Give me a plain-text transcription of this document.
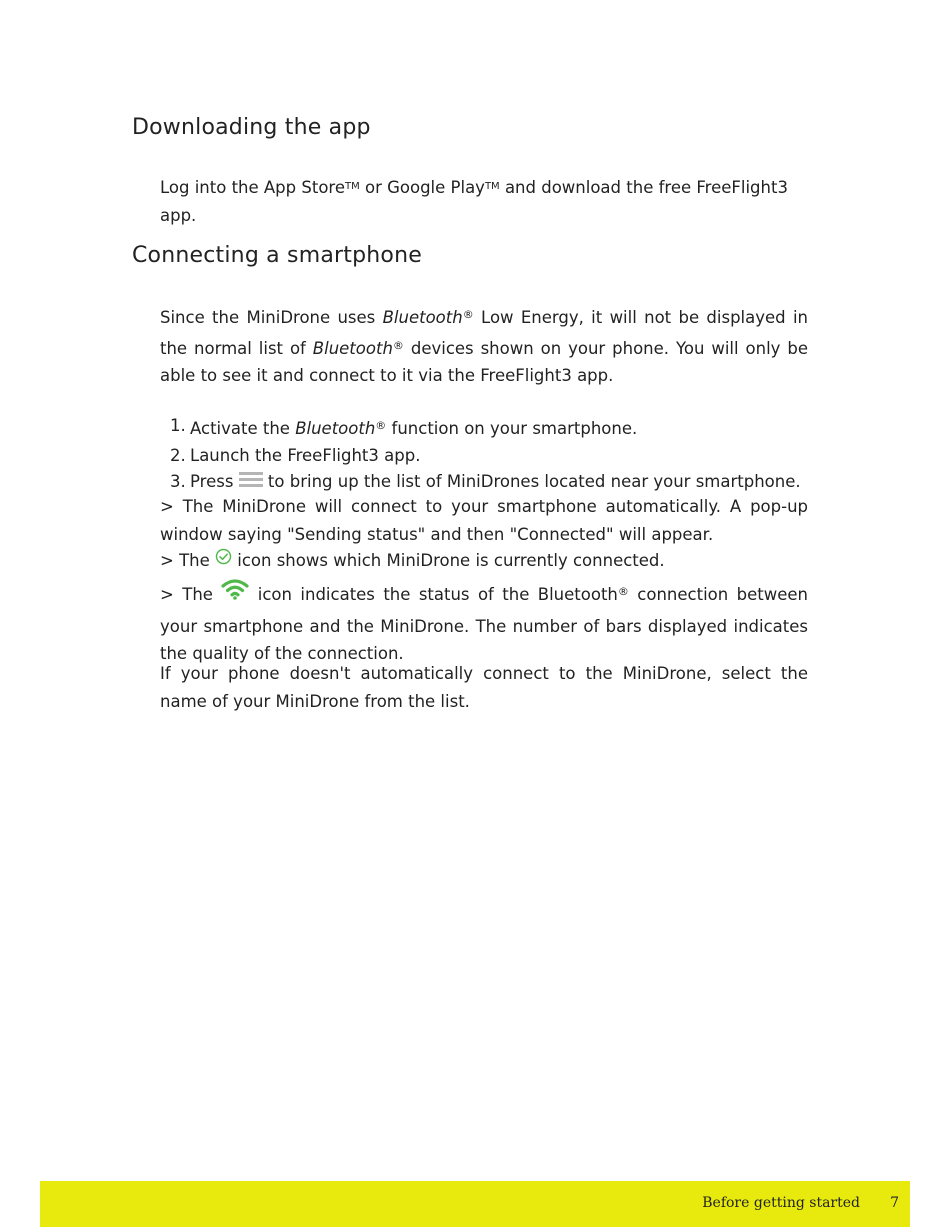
Downloading the app

Log into the App Store™ or Google Play™ and download the free FreeFlight3 app.

Connecting a smartphone

Since the MiniDrone uses Bluetooth® Low Energy, it will not be displayed in the normal list of Bluetooth® devices shown on your phone. You will only be able to see it and connect to it via the FreeFlight3 app.

1. Activate the Bluetooth® function on your smartphone.
2. Launch the FreeFlight3 app.
3. Press  to bring up the list of MiniDrones located near your smartphone.

> The MiniDrone will connect to your smartphone automatically. A pop-up window saying "Sending status" and then "Connected" will appear.

> The  icon shows which MiniDrone is currently connected.

> The  icon indicates the status of the Bluetooth® connection between your smartphone and the MiniDrone. The number of bars displayed indicates the quality of the connection.

If your phone doesn't automatically connect to the MiniDrone, select the name of your MiniDrone from the list.

Before getting started 7
